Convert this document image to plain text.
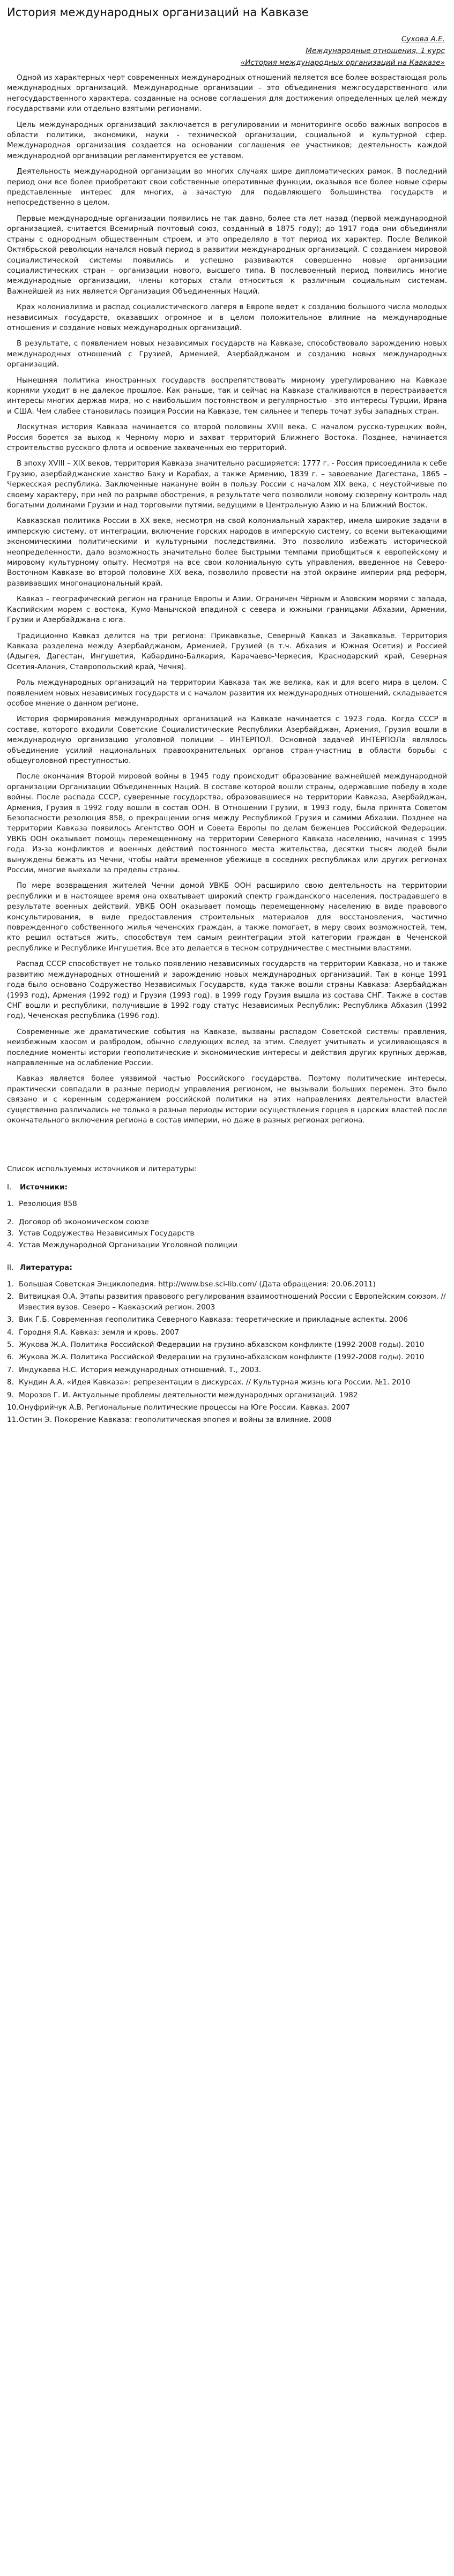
История международных организаций на Кавказе
Сухова А.Е.
Международные отношения, 1 курс
«История международных организаций на Кавказе»

Одной из характерных черт современных международных отношений является все более возрастающая роль международных организаций. Международные организации – это объединения межгосударственного или негосударственного характера, созданные на основе соглашения для достижения определенных целей между государствами или отдельно взятыми регионами.

Цель международных организаций заключается в регулировании и мониторинге особо важных вопросов в области политики, экономики, науки - технической организации, социальной и культурной сфер. Международная организация создается на основании соглашения ее участников; деятельность каждой международной организации регламентируется ее уставом.

Деятельность международной организации во многих случаях шире дипломатических рамок. В последний период они все более приобретают свои собственные оперативные функции, оказывая все более новые сферы представленные интерес для многих, а зачастую для подавляющего большинства государств и непосредственно в целом.

Первые международные организации появились не так давно, более ста лет назад (первой международной организацией, считается Всемирный почтовый союз, созданный в 1875 году); до 1917 года они объединяли страны с однородным общественным строем, и это определяло в тот период их характер. После Великой Октябрьской революции начался новый период в развитии международных организаций. С созданием мировой социалистической системы появились и успешно развиваются совершенно новые организации социалистических стран – организации нового, высшего типа. В послевоенный период появились многие международные организации, члены которых стали относиться к различным социальным системам. Важнейшей из них является Организация Объединенных Наций.

Крах колониализма и распад социалистического лагеря в Европе ведет к созданию большого числа молодых независимых государств, оказавших огромное и в целом положительное влияние на международные отношения и создание новых международных организаций.

В результате, с появлением новых независимых государств на Кавказе, способствовало зарождению новых международных отношений с Грузией, Арменией, Азербайджаном и созданию новых международных организаций.

Нынешняя политика иностранных государств воспрепятствовать мирному урегулированию на Кавказе корнями уходит в не далекое прошлое. Как раньше, так и сейчас на Кавказе сталкиваются в перестраивается интересы многих держав мира, но с наибольшим постоянством и регулярностью - это интересы Турции, Ирана и США. Чем слабее становилась позиция России на Кавказе, тем сильнее и теперь точат зубы западных стран.

Лоскутная история Кавказа начинается со второй половины XVIII века. С началом русско-турецких войн, Россия борется за выход к Черному морю и захват территорий Ближнего Востока. Позднее, начинается строительство русского флота и освоение захваченных ею территорий.

В эпоху XVIII – XIX веков, территория Кавказа значительно расширяется: 1777 г. - Россия присоединила к себе Грузию, азербайджанские ханство Баку и Карабах, а также Армению, 1839 г. – завоевание Дагестана, 1865 – Черкесская республика. Заключенные накануне войн в пользу России с началом XIX века, с неустойчивые по своему характеру, при ней по разрыве обострения, в результате чего позволили новому сюзерену контроль над богатыми долинами Грузии и над торговыми путями, ведущими в Центральную Азию и на Ближний Восток.

Кавказская политика России в XX веке, несмотря на свой колониальный характер, имела широкие задачи в имперскую систему, от интеграции, включение горских народов в имперскую систему, со всеми вытекающими экономическими политическими и культурными последствиями. Это позволило избежать исторической неопределенности, дало возможность значительно более быстрыми темпами приобщиться к европейскому и мировому культурному опыту. Несмотря на все свои колониальную суть управления, введенное на Северо-Восточном Кавказе во второй половине XIX века, позволило провести на этой окраине империи ряд реформ, развивавших многонациональный край.

Кавказ – географический регион на границе Европы и Азии. Ограничен Чёрным и Азовским морями с запада, Каспийским морем с востока, Кумо-Манычской впадиной с севера и южными границами Абхазии, Армении, Грузии и Азербайджана с юга.

Традиционно Кавказ делится на три региона: Прикавказье, Северный Кавказ и Закавказье. Территория Кавказа разделена между Азербайджаном, Арменией, Грузией (в т.ч. Абхазия и Южная Осетия) и Россией (Адыгея, Дагестан, Ингушетия, Кабардино-Балкария, Карачаево-Черкесия, Краснодарский край, Северная Осетия-Алания, Ставропольский край, Чечня).

Роль международных организаций на территории Кавказа так же велика, как и для всего мира в целом. С появлением новых независимых государств и с началом развития их международных отношений, складывается особое мнение о данном регионе.

История формирования международных организаций на Кавказе начинается с 1923 года. Когда СССР в составе, которого входили Советские Социалистические Республики Азербайджан, Армения, Грузия вошли в международную организацию уголовной полиции – ИНТЕРПОЛ. Основной задачей ИНТЕРПОЛа являлось объединение усилий национальных правоохранительных органов стран-участниц в области борьбы с общеуголовной преступностью.

После окончания Второй мировой войны в 1945 году происходит образование важнейшей международной организации Организации Объединенных Наций. В составе которой вошли страны, одержавшие победу в ходе войны. После распада СССР, суверенные государства, образовавшиеся на территории Кавказа, Азербайджан, Армения, Грузия в 1992 году вошли в состав ООН. В Отношении Грузии, в 1993 году, была принята Советом Безопасности резолюция 858, о прекращении огня между Республикой Грузия и самими Абхазии. Позднее на территории Кавказа появилось Агентство ООН и Совета Европы по делам беженцев Российской Федерации. УВКБ ООН оказывает помощь перемещенному на территории Северного Кавказа населению, начиная с 1995 года. Из-за конфликтов и военных действий постоянного места жительства, десятки тысяч людей были вынуждены бежать из Чечни, чтобы найти временное убежище в соседних республиках или других регионах России, многие выехали за пределы страны.

По мере возвращения жителей Чечни домой УВКБ ООН расширило свою деятельность на территории республики и в настоящее время она охватывает широкий спектр гражданского населения, пострадавшего в результате военных действий. УВКБ ООН оказывает помощь перемещенному населению в виде правового консультирования, в виде предоставления строительных материалов для восстановления, частично поврежденного собственного жилья чеченских граждан, а также помогает, в меру своих возможностей, тем, кто решил остаться жить, способствуя тем самым реинтеграции этой категории граждан в Чеченской республике и Республике Ингушетия. Все это делается в тесном сотрудничестве с местными властями.

Распад СССР способствует не только появлению независимых государств на территории Кавказа, но и также развитию международных отношений и зарождению новых международных организаций. Так в конце 1991 года было основано Содружество Независимых Государств, куда также вошли страны Кавказа: Азербайджан (1993 год), Армения (1992 год) и Грузия (1993 год). в 1999 году Грузия вышла из состава СНГ. Также в состав СНГ вошли и республики, получившие в 1992 году статус Независимых Республик: Республика Абхазия (1992 год), Чеченская республика (1996 год).

Современные же драматические события на Кавказе, вызваны распадом Советской системы правления, неизбежным хаосом и разбродом, обычно следующих вслед за этим. Следует учитывать и усиливающаяся в последние моменты истории геополитические и экономические интересы и действия других крупных держав, направленные на ослабление России.

Кавказ является более уязвимой частью Российского государства. Поэтому политические интересы, практически совпадали в разные периоды управления регионом, не вызывали больших перемен. Это было связано и с коренным содержанием российской политики на этих направлениях деятельности властей существенно различались не только в разные периоды истории осуществления горцев в царских властей после окончательного включения региона в состав империи, но даже в разных регионах региона.

Список используемых источников и литературы:
I.	Источники:
1. Резолюция 858
2. Договор об экономическом союзе
3. Устав Содружества Независимых Государств
4. Устав Международной Организации Уголовной полиции
II. Литература:
1. Большая Советская Энциклопедия. http://www.bse.sci-lib.com/ (Дата обращения: 20.06.2011)
2. Витвицкая О.А. Этапы развития правового регулирования взаимоотношений России с Европейским союзом. //Известия вузов. Северо – Кавказский регион. 2003
3. Вик Г.Б. Современная геополитика Северного Кавказа: теоретические и прикладные аспекты. 2006
4. Городня Я.А. Кавказ: земля и кровь. 2007
5. Жукова Ж.А. Политика Российской Федерации на грузино-абхазском конфликте (1992-2008 годы). 2010
6. Жукова Ж.А. Политика Российской Федерации на грузино-абхазском конфликте (1992-2008 годы). 2010
7. Индукаева Н.С. История международных отношений. Т., 2003.
8. Кундин А.А. «Идея Кавказа»: репрезентации в дискурсах. // Культурная жизнь юга России. №1. 2010
9. Морозов Г. И. Актуальные проблемы деятельности международных организаций. 1982
10. Онуфрийчук А.В. Региональные политические процессы на Юге России. Кавказ. 2007
11. Остин Э. Покорение Кавказа: геополитическая эпопея и войны за влияние. 2008
